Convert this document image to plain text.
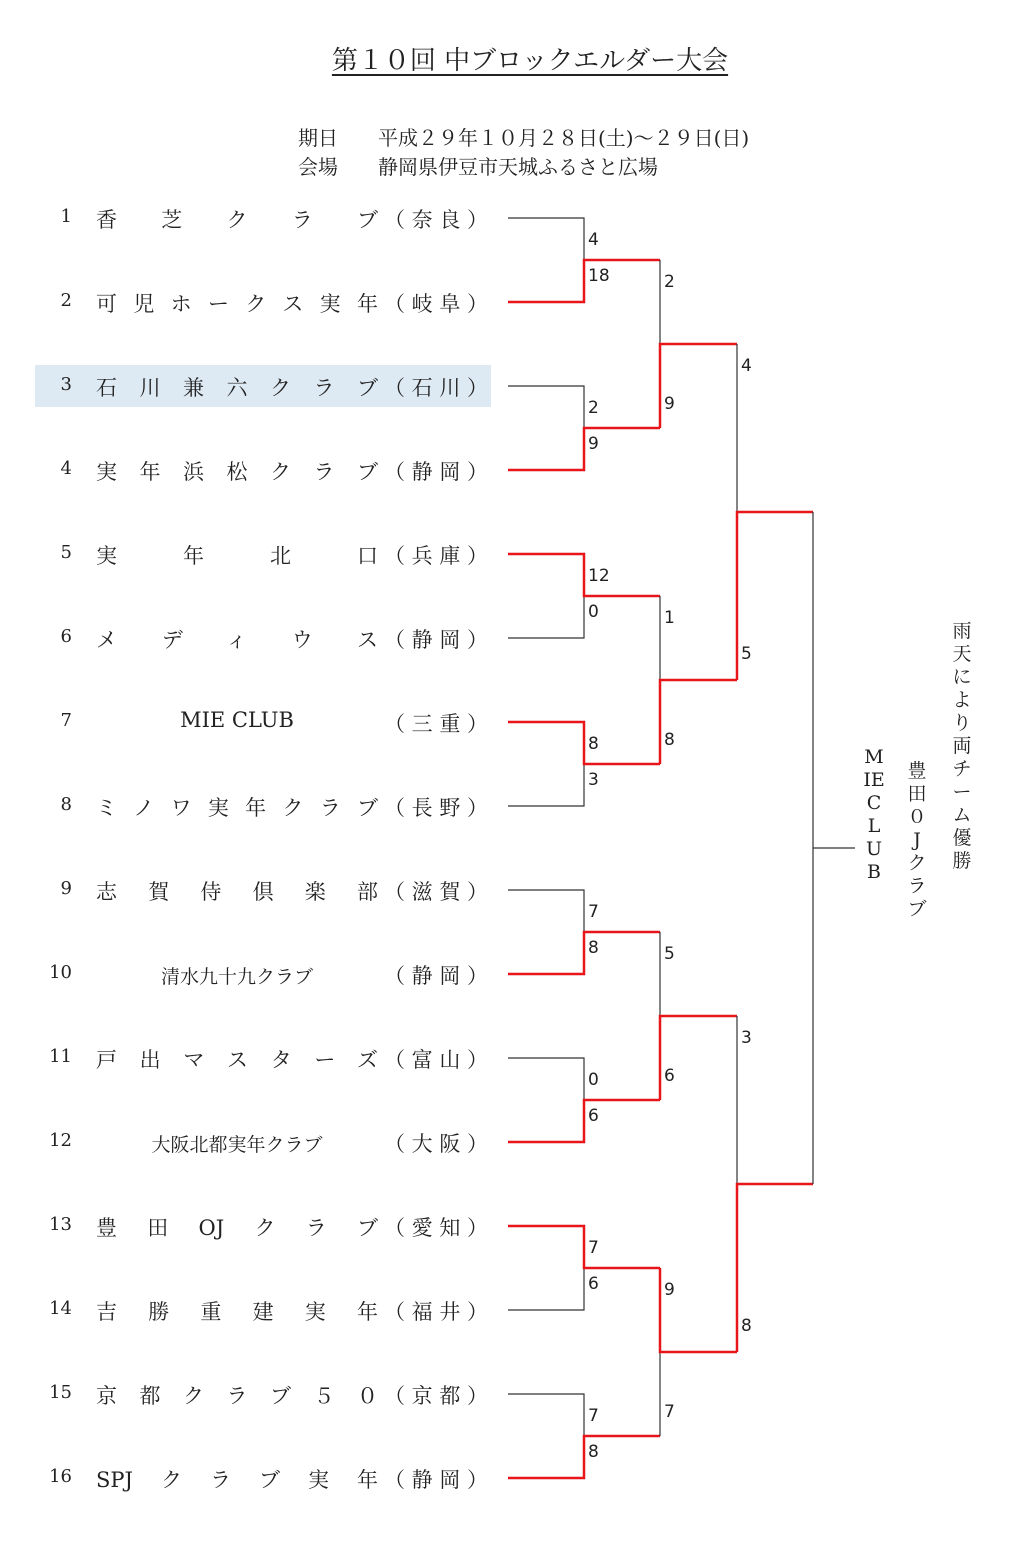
第１０回 中ブロックエルダー大会
期日　　 平成２９年１０月２８日(土)～２９日(日)
会場　　 静岡県伊豆市天城ふるさと広場
1 香芝クラブ （奈良）
2 可児ホークス実年 （岐阜）
3 石川兼六クラブ （石川）
4 実年浜松クラブ （静岡）
5 実年北口 （兵庫）
6 メディウス （静岡）
7	MIE CLUB	（三重）
8 ミノワ実年クラブ （長野）
9 志賀侍倶楽部 （滋賀）
10	清水九十九クラブ	（静岡）
11 戸出マスターズ （富山）
12	大阪北都実年クラブ	（大阪）
13 豊田OJクラブ （愛知）
14 吉勝重建実年 （福井）
15 京都クラブ５０ （京都）
16 SPJクラブ実年 （静岡）
4
18
2
9
12
0
8
3
7
8
0
6
7
6
7
8
2
9
1
8
5
6
9
7
4
5
3
8
MIE CLUB
豊田０Jクラブ
雨天により両チーム優勝
